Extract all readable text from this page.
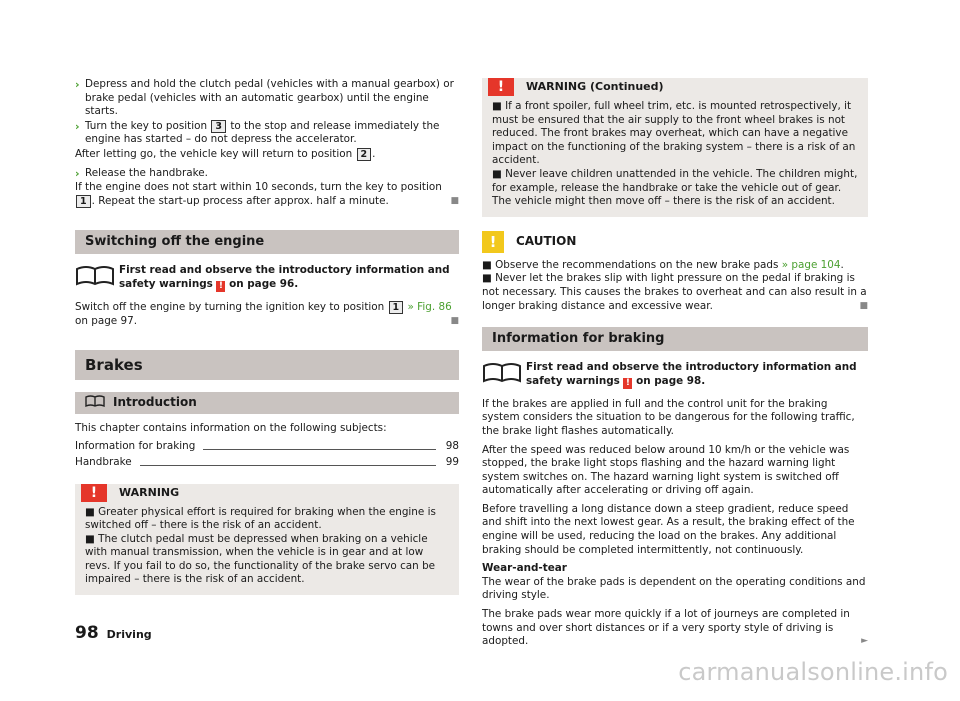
› Depress and hold the clutch pedal (vehicles with a manual gearbox) or brake pedal (vehicles with an automatic gearbox) until the engine starts.
› Turn the key to position 3 to the stop and release immediately the engine has started – do not depress the accelerator.

After letting go, the vehicle key will return to position 2 .

› Release the handbrake.

If the engine does not start within 10 seconds, turn the key to position 1 . Repeat the start-up process after approx. half a minute.	■

Switching off the engine
First read and observe the introductory information and safety warnings ! on page 96.

Switch off the engine by turning the ignition key to position 1 » Fig. 86 on page 97.	■

Brakes
Introduction

This chapter contains information on the following subjects:

Information for braking	98
Handbrake	99
!	WARNING

■ Greater physical effort is required for braking when the engine is switched off – there is the risk of an accident.

■ The clutch pedal must be depressed when braking on a vehicle with manual transmission, when the vehicle is in gear and at low revs. If you fail to do so, the functionality of the brake servo can be impaired – there is the risk of an accident.

!	WARNING (Continued)

■ If a front spoiler, full wheel trim, etc. is mounted retrospectively, it must be ensured that the air supply to the front wheel brakes is not reduced. The front brakes may overheat, which can have a negative impact on the functioning of the braking system – there is a risk of an accident.

■ Never leave children unattended in the vehicle. The children might, for example, release the handbrake or take the vehicle out of gear. The vehicle might then move off – there is the risk of an accident.

!	CAUTION

■ Observe the recommendations on the new brake pads » page 104.

■ Never let the brakes slip with light pressure on the pedal if braking is not necessary. This causes the brakes to overheat and can also result in a longer braking distance and excessive wear.	■

Information for braking
First read and observe the introductory information and safety warnings ! on page 98.

If the brakes are applied in full and the control unit for the braking system considers the situation to be dangerous for the following traffic, the brake light flashes automatically.

After the speed was reduced below around 10 km/h or the vehicle was stopped, the brake light stops flashing and the hazard warning light system switches on. The hazard warning light system is switched off automatically after accelerating or driving off again.

Before travelling a long distance down a steep gradient, reduce speed and shift into the next lowest gear. As a result, the braking effect of the engine will be used, reducing the load on the brakes. Any additional braking should be completed intermittently, not continuously.

Wear-and-tear

The wear of the brake pads is dependent on the operating conditions and driving style.

The brake pads wear more quickly if a lot of journeys are completed in towns and over short distances or if a very sporty style of driving is adopted.	►

98 Driving
carmanualsonline.info
